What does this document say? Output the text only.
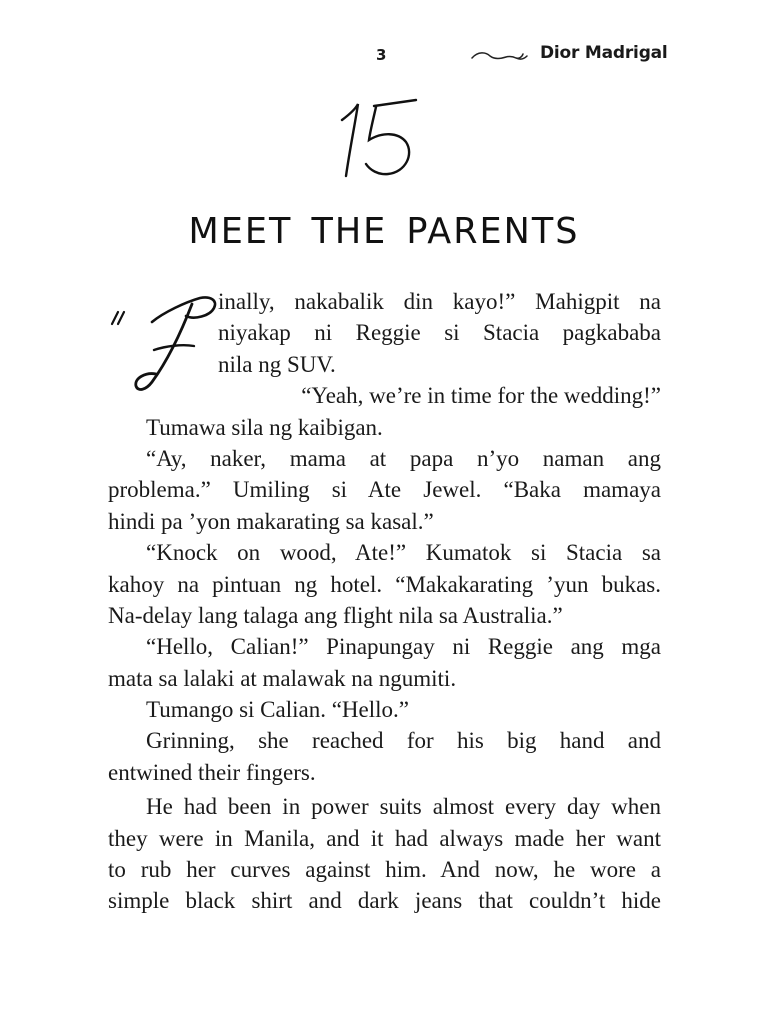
3	Dior Madrigal
MEET THE PARENTS
inally, nakabalik din kayo!” Mahigpit na
niyakap ni Reggie si Stacia pagkababa
nila ng SUV.
“Yeah, we’re in time for the wedding!”
Tumawa sila ng kaibigan.
“Ay, naker, mama at papa n’yo naman ang
problema.” Umiling si Ate Jewel. “Baka mamaya
hindi pa ’yon makarating sa kasal.”
“Knock on wood, Ate!” Kumatok si Stacia sa
kahoy na pintuan ng hotel. “Makakarating ’yun bukas.
Na-delay lang talaga ang flight nila sa Australia.”
“Hello, Calian!” Pinapungay ni Reggie ang mga
mata sa lalaki at malawak na ngumiti.
Tumango si Calian. “Hello.”
Grinning, she reached for his big hand and
entwined their fingers.
He had been in power suits almost every day when
they were in Manila, and it had always made her want
to rub her curves against him. And now, he wore a
simple black shirt and dark jeans that couldn’t hide
